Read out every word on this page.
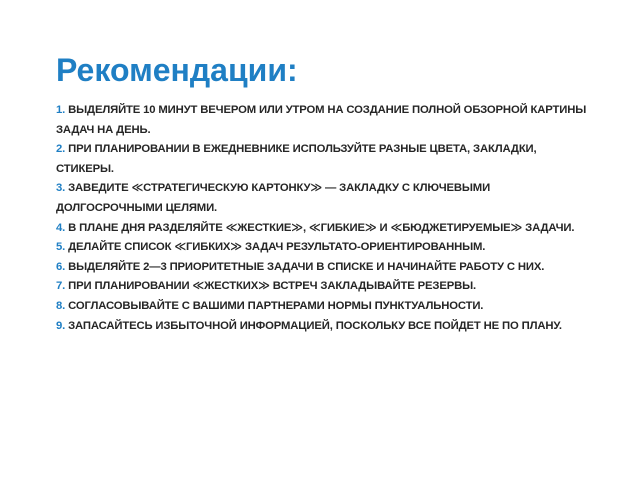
Рекомендации:
1. ВЫДЕЛЯЙТЕ 10 МИНУТ ВЕЧЕРОМ ИЛИ УТРОМ НА СОЗДАНИЕ ПОЛНОЙ ОБЗОРНОЙ КАРТИНЫ ЗАДАЧ НА ДЕНЬ.
2. ПРИ ПЛАНИРОВАНИИ В ЕЖЕДНЕВНИКЕ ИСПОЛЬЗУЙТЕ РАЗНЫЕ ЦВЕТА, ЗАКЛАДКИ, СТИКЕРЫ.
3. ЗАВЕДИТЕ ≪СТРАТЕГИЧЕСКУЮ КАРТОНКУ≫ — ЗАКЛАДКУ С КЛЮЧЕВЫМИ ДОЛГОСРОЧНЫМИ ЦЕЛЯМИ.
4. В ПЛАНЕ ДНЯ РАЗДЕЛЯЙТЕ ≪ЖЕСТКИЕ≫, ≪ГИБКИЕ≫ И ≪БЮДЖЕТИРУЕМЫЕ≫ ЗАДАЧИ.
5. ДЕЛАЙТЕ СПИСОК ≪ГИБКИХ≫ ЗАДАЧ РЕЗУЛЬТАТО-ОРИЕНТИРОВАННЫМ.
6. ВЫДЕЛЯЙТЕ 2—3 ПРИОРИТЕТНЫЕ ЗАДАЧИ В СПИСКЕ И НАЧИНАЙТЕ РАБОТУ С НИХ.
7. ПРИ ПЛАНИРОВАНИИ ≪ЖЕСТКИХ≫ ВСТРЕЧ ЗАКЛАДЫВАЙТЕ РЕЗЕРВЫ.
8. СОГЛАСОВЫВАЙТЕ С ВАШИМИ ПАРТНЕРАМИ НОРМЫ ПУНКТУАЛЬНОСТИ.
9. ЗАПАСАЙТЕСЬ ИЗБЫТОЧНОЙ ИНФОРМАЦИЕЙ, ПОСКОЛЬКУ ВСЕ ПОЙДЕТ НЕ ПО ПЛАНУ.
